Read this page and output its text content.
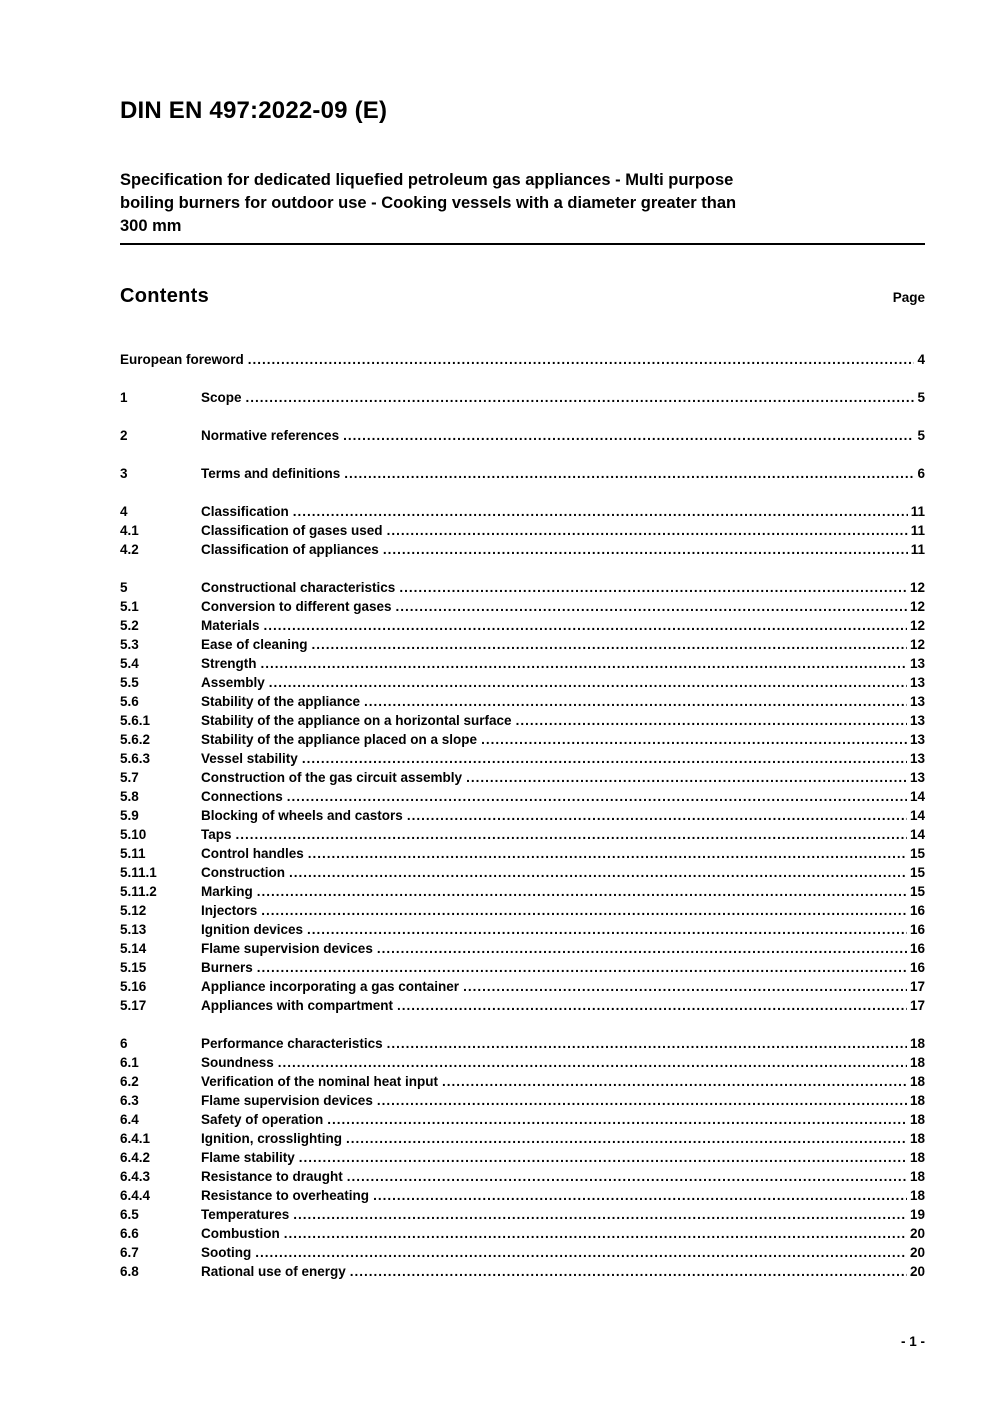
DIN EN 497:2022-09 (E)
Specification for dedicated liquefied petroleum gas appliances - Multi purpose
boiling burners for outdoor use - Cooking vessels with a diameter greater than
300 mm
Contents	Page
European foreword .....	4
1	Scope .....	5
2	Normative references .....	5
3	Terms and definitions .....	6
4	Classification .....	11
4.1	Classification of gases used .....	11
4.2	Classification of appliances .....	11
5	Constructional characteristics .....	12
5.1	Conversion to different gases .....	12
5.2	Materials .....	12
5.3	Ease of cleaning .....	12
5.4	Strength .....	13
5.5	Assembly .....	13
5.6	Stability of the appliance .....	13
5.6.1	Stability of the appliance on a horizontal surface .....	13
5.6.2	Stability of the appliance placed on a slope .....	13
5.6.3	Vessel stability .....	13
5.7	Construction of the gas circuit assembly .....	13
5.8	Connections .....	14
5.9	Blocking of wheels and castors .....	14
5.10	Taps .....	14
5.11	Control handles .....	15
5.11.1	Construction .....	15
5.11.2	Marking .....	15
5.12	Injectors .....	16
5.13	Ignition devices .....	16
5.14	Flame supervision devices .....	16
5.15	Burners .....	16
5.16	Appliance incorporating a gas container .....	17
5.17	Appliances with compartment .....	17
6	Performance characteristics .....	18
6.1	Soundness .....	18
6.2	Verification of the nominal heat input .....	18
6.3	Flame supervision devices .....	18
6.4	Safety of operation .....	18
6.4.1	Ignition, crosslighting .....	18
6.4.2	Flame stability .....	18
6.4.3	Resistance to draught .....	18
6.4.4	Resistance to overheating .....	18
6.5	Temperatures .....	19
6.6	Combustion .....	20
6.7	Sooting .....	20
6.8	Rational use of energy .....	20
- 1 -
